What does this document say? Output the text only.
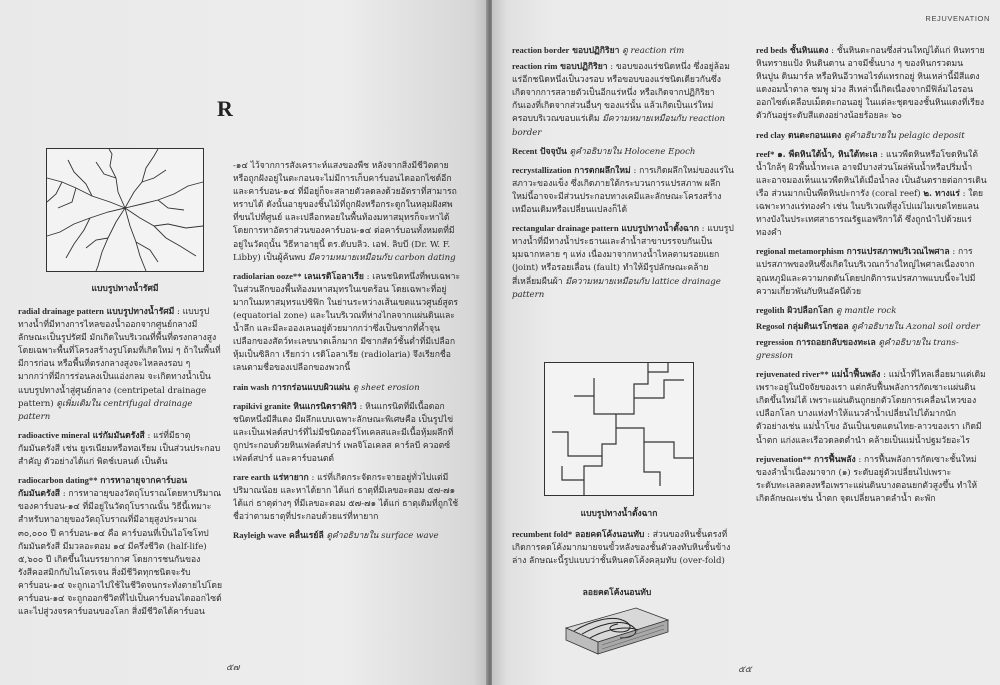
R
แบบรูปทางน้ำรัศมี

radial drainage pattern แบบรูปทางน้ำรัศมี : แบบรูปทางน้ำที่มีทางการไหลของน้ำออกจากศูนย์กลางมีลักษณะเป็นรูปรัศมี มักเกิดในบริเวณที่พื้นที่ตรงกลางสูง โดยเฉพาะพื้นที่โครงสร้างรูปโดมที่เกิดใหม่ ๆ ถ้าในพื้นที่มีการก่อน หรือพื้นที่ตรงกลางสูงจะไหลลงรอบ ๆ มากกว่าที่มีการร่อนลงเป็นแอ่งกลม จะเกิดทางน้ำเป็นแบบรูปทางน้ำสู่ศูนย์กลาง (centripetal drainage pattern) ดูเพิ่มเติมใน centrifugal drainage pattern

radioactive mineral แร่กัมมันตรังสี : แร่ที่มีธาตุกัมมันตรังสี เช่น ยูเรเนียมหรือทอเรียม เป็นส่วนประกอบสำคัญ ตัวอย่างได้แก่ พิตช์เบลนด์ เป็นต้น

radiocarbon dating** การหาอายุจากคาร์บอนกัมมันตรังสี : การหาอายุของวัตถุโบราณโดยหาปริมาณของคาร์บอน-๑๔ ที่มีอยู่ในวัตถุโบราณนั้น วิธีนี้เหมาะสำหรับหาอายุของวัตถุโบราณที่มีอายุสูงประมาณ ๓๐,๐๐๐ ปี คาร์บอน-๑๔ คือ คาร์บอนที่เป็นไอโซโทปกัมมันตรังสี มีมวลอะตอม ๑๔ มีครึ่งชีวิต (half-life) ๕,๖๐๐ ปี เกิดขึ้นในบรรยากาศ โดยการชนกันของรังสีคอสมิกกับไนโตรเจน สิ่งมีชีวิตทุกชนิดจะรับคาร์บอน-๑๔ จะถูกเอาไปใช้ในชีวิตจนกระทั่งตายไปโดยคาร์บอน-๑๔ จะถูกออกชีวิตที่ไปเป็นคาร์บอนไดออกไซด์และไปสู่วงจรคาร์บอนของโลก สิ่งมีชีวิตได้คาร์บอน

-๑๔ ไว้จากการสังเคราะห์แสงของพืช หลังจากสิ่งมีชีวิตตายหรือถูกฝังอยู่ในตะกอนจะไม่มีการเก็บคาร์บอนไดออกไซด์อีก และคาร์บอน-๑๔ ที่มีอยู่ก็จะสลายตัวลดลงด้วยอัตราที่สามารถทราบได้ ดังนั้นอายุของชิ้นไม้ที่ถูกฝังหรือกระดูกในหลุมฝังศพ ที่ขนไปที่ศูนย์ และเปลือกหอยในพื้นท้องมหาสมุทรก็จะหาได้โดยการหาอัตราส่วนของคาร์บอน-๑๔ ต่อคาร์บอนทั้งหมดที่มีอยู่ในวัตถุนั้น วิธีหาอายุนี้ ดร.ดับบลิว. เอฟ. ลิบบี (Dr. W. F. Libby) เป็นผู้ค้นพบ มีความหมายเหมือนกับ carbon dating

radiolarian ooze** เลนเรดิโอลาเรีย : เลนชนิดหนึ่งที่พบเฉพาะในส่วนลึกของพื้นท้องมหาสมุทรในเขตร้อน โดยเฉพาะที่อยู่มากในมหาสมุทรแปซิฟิก ในย่านระหว่างเส้นเขตแนวศูนย์สูตร (equatorial zone) และในบริเวณที่ห่างไกลจากแผ่นดินและน้ำลึก และมีละอองเลนอยู่ด้วยมากกว่าซึ่งเป็นซากที่ค้ำจุนเปลือกของสัตว์ทะเลขนาดเล็กมาก มีซากสัตว์ชั้นต่ำที่มีเปลือกหุ้มเป็นซิลิกา เรียกว่า เรดิโอลาเรีย (radiolaria) จึงเรียกชื่อเลนตามชื่อของเปลือกของพวกนี้

rain wash การกร่อนแบบผิวแผ่น ดู sheet erosion

rapikivi granite หินแกรนิตราพิกิวิ : หินแกรนิตที่มีเนื้อดอกชนิดหนึ่งมีสีแดง มีผลึกแบบเฉพาะลักษณะพิเศษคือ เป็นรูปไข่ และเป็นเฟลด์สปาร์ที่ไม่มีชนิดออร์โทเคลสและมีเนื้อหุ้มผลึกที่ถูกประกอบด้วยหินเฟลด์สปาร์ เพลจิโอเคลส คาร์ลบี ควอตซ์ เฟลด์สปาร์ และคาร์บอนตต์

rare earth แร่หายาก : แร่ที่เกิดกระจัดกระจายอยู่ทั่วไปแต่มีปริมาณน้อย และหาได้ยาก ได้แก่ ธาตุที่มีเลขอะตอม ๕๗-๗๑ ได้แก่ ธาตุต่างๆ ที่มีเลขอะตอม ๕๗-๗๑ ได้แก่ ธาตุเดิมที่ถูกใช้ชื่อว่าตามธาตุที่ประกอบด้วยแร่ที่หายาก

Rayleigh wave คลื่นเรย์ลี ดูคำอธิบายใน surface wave

๕๗
REJUVENATION

reaction border ขอบปฏิกิริยา ดู reaction rim

reaction rim ขอบปฏิกิริยา : ขอบของแร่ชนิดหนึ่ง ซึ่งอยู่ล้อมแร่อีกชนิดหนึ่งเป็นวงรอบ หรือขอบของแร่ชนิดเดียวกันซึ่งเกิดจากการสลายตัวเป็นอีกแร่หนึ่ง หรือเกิดจากปฏิกิริยากันเองที่เกิดจากส่วนอื่นๆ ของแร่นั้น แล้วเกิดเป็นแร่ใหม่ครอบบริเวณขอบแร่เดิม มีความหมายเหมือนกับ reaction border

Recent ปัจจุบัน ดูคำอธิบายใน Holocene Epoch

recrystallization การตกผลึกใหม่ : การเกิดผลึกใหม่ของแร่ในสภาวะของแข็ง ซึ่งเกิดภายใต้กระบวนการแปรสภาพ ผลึกใหม่นี้อาจจะมีส่วนประกอบทางเคมีและลักษณะโครงสร้างเหมือนเดิมหรือเปลี่ยนแปลงก็ได้

rectangular drainage pattern แบบรูปทางน้ำตั้งฉาก : แบบรูปทางน้ำที่มีทางน้ำประธานและลำน้ำสาขาบรรจบกันเป็นมุมฉากหลาย ๆ แห่ง เนื่องมาจากทางน้ำไหลตามรอยแยก (joint) หรือรอยเลื่อน (fault) ทำให้มีรูปลักษณะคล้ายสี่เหลี่ยมผืนผ้า มีความหมายเหมือนกับ lattice drainage pattern

แบบรูปทางน้ำตั้งฉาก

recumbent fold* ลอยคดโค้งนอนทับ : ส่วนของหินชั้นตรงที่เกิดการคดโค้งมากมายจนขั้วหลังของชั้นตัวลงทับหินชั้นข้างล่าง ลักษณะนี้รูปแบบว่าชั้นหินคดโค้งคลุมทับ (over-fold)

ลอยคตโค้งนอนทับ

red beds ชั้นหินแดง : ชั้นหินตะกอนซึ่งส่วนใหญ่ได้แก่ หินทราย หินทรายแป้ง หินดินดาน อาจมีชั้นบาง ๆ ของหินกรวดมน หินปูน ดินมาร์ล หรือหินอีวาพอไรต์แทรกอยู่ หินเหล่านี้มีสีแดง แดงอมน้ำตาล ชมพู ม่วง สีเหล่านี้เกิดเนื่องจากมีฟิล์มไอรอนออกไซด์เคลือบเม็ดตะกอนอยู่ ในแต่ละชุดของชั้นหินแดงที่เรียงตัวกันอยู่ระดับสีแดงอย่างน้อยร้อยละ ๖๐

red clay ดนตะกอนแดง ดูคำอธิบายใน pelagic deposit

reef* ๑. พืดหินใต้น้ำ, หินใต้ทะเล : แนวพืดหินหรือโขดหินใต้น้ำใกล้ๆ ผิวพื้นน้ำทะเล อาจมีบางส่วนโผล่พ้นน้ำหรือปริ่มน้ำ และอาจมองเห็นแนวพืดหินได้เมื่อน้ำลง เป็นอันตรายต่อการเดินเรือ ส่วนมากเป็นพืดหินปะการัง (coral reef) ๒. ทางแร่ : ใดยเฉพาะทางแร่ทองคำ เช่น ในบริเวณที่สูงโปแม่ไมเขตไทยแลนทางบังในประเทศสาธารณรัฐแอฟริกาใต้ ซึ่งถูกนำไปด้วยแร่ทองคำ

regional metamorphism การแปรสภาพบริเวณไพศาล : การแปรสภาพของหินซึ่งเกิดในบริเวณกว้างใหญ่ไพศาลเนื่องจากอุณหภูมิและความกดดันโดยปกติการแปรสภาพแบบนี้จะไปมีความเกี่ยวพันกับหินอัคนีด้วย

regolith ผิวปลือกโลก ดู mantle rock

Regosol กลุ่มดินเรโกซอล ดูคำอธิบายใน Azonal soil order

regression การถอยกลับของทะเล ดูคำอธิบายใน trans-gression

rejuvenated river** แม่น้ำฟื้นพลัง : แม่น้ำที่ไหลเลื่อยมาแต่เดิมเพราะอยู่ในปัจจัยของเรา แต่กลับฟื้นพลังการกัดเซาะแผ่นดินเกิดขึ้นใหม่ได้ เพราะแผ่นดินถูกยกตัวโดยการเคลื่อนไหวของเปลือกโลก บางแห่งทำให้แนวลำน้ำเปลี่ยนไปได้มากนัก ตัวอย่างเช่น แม่น้ำโขง อันเป็นเขตแดนไทย-ลาวของเรา เกิดมีน้ำตก แก่งและเรือวดลดต่ำนำ คล้ายเป็นแม่น้ำปฐมวัยอะไร

rejuvenation** การฟื้นพลัง : การฟื้นพลังการกัดเซาะชั้นใหม่ของลำน้ำเนื่องมาจาก (๑) ระดับอยู่ตัวเปลี่ยนไปเพราะระดับทะเลลดลงหรือเพราะแผ่นดินบางตอนยกตัวสูงขึ้น ทำให้เกิดลักษณะเช่น น้ำตก จุดเปลี่ยนลาดลำน้ำ ตะพัก

๕๕
